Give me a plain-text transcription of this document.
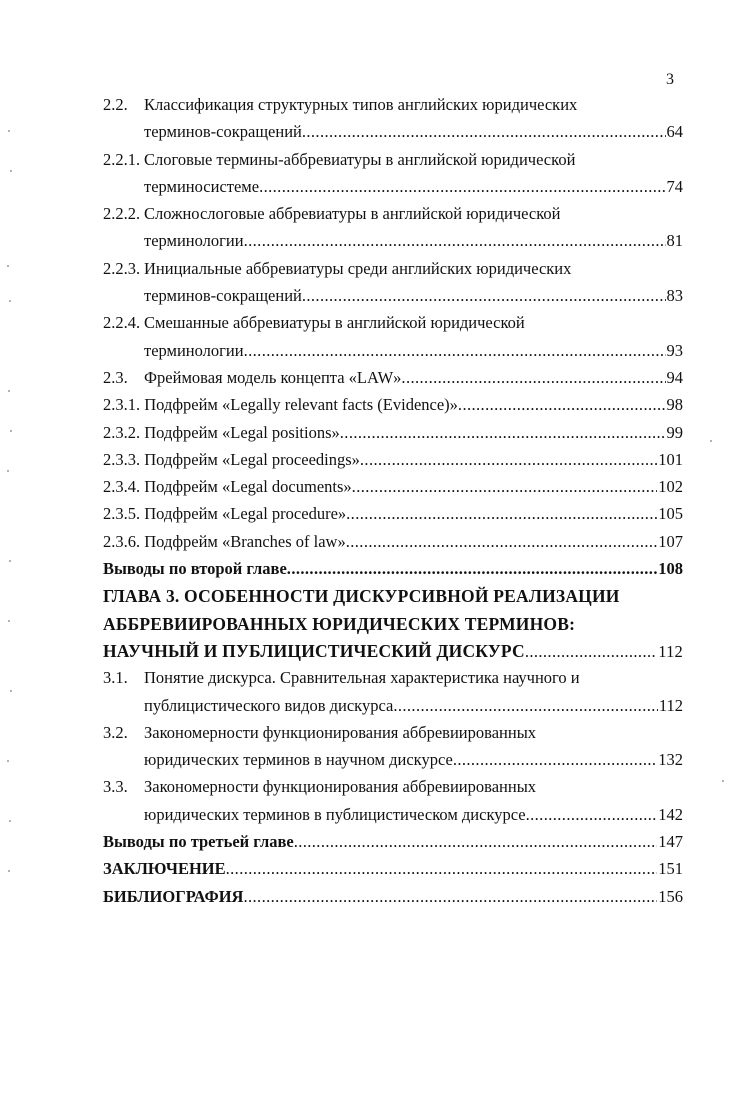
3
2.2. Классификация структурных типов английских юридических
терминов-сокращений .....	64
2.2.1. Слоговые термины-аббревиатуры в английской юридической
терминосистеме .....	74
2.2.2. Сложнослоговые аббревиатуры в английской юридической
терминологии .....	81
2.2.3. Инициальные аббревиатуры среди английских юридических
терминов-сокращений .....	83
2.2.4. Смешанные аббревиатуры в английской юридической
терминологии .....	93
2.3. Фреймовая модель концепта «LAW» .....	94
2.3.1.
Подфрейм «Legally relevant facts (Evidence)» .....	98
2.3.2.
Подфрейм «Legal positions» .....	99
2.3.3.
Подфрейм «Legal proceedings» .....	101
2.3.4.
Подфрейм «Legal documents» .....	102
2.3.5.
Подфрейм «Legal procedure» .....	105
2.3.6.
Подфрейм «Branches of law» .....	107
Выводы по второй главе .....	108
ГЛАВА 3. ОСОБЕННОСТИ ДИСКУРСИВНОЙ РЕАЛИЗАЦИИ
АББРЕВИИРОВАННЫХ ЮРИДИЧЕСКИХ ТЕРМИНОВ:
НАУЧНЫЙ И ПУБЛИЦИСТИЧЕСКИЙ ДИСКУРС .....	112
3.1. Понятие дискурса. Сравнительная характеристика научного и
публицистического видов дискурса .....	112
3.2. Закономерности функционирования аббревиированных
юридических терминов в научном дискурсе .....	132
3.3. Закономерности функционирования аббревиированных
юридических терминов в публицистическом дискурсе .....	142
Выводы по третьей главе .....	147
ЗАКЛЮЧЕНИЕ .....	151
БИБЛИОГРАФИЯ .....	156
